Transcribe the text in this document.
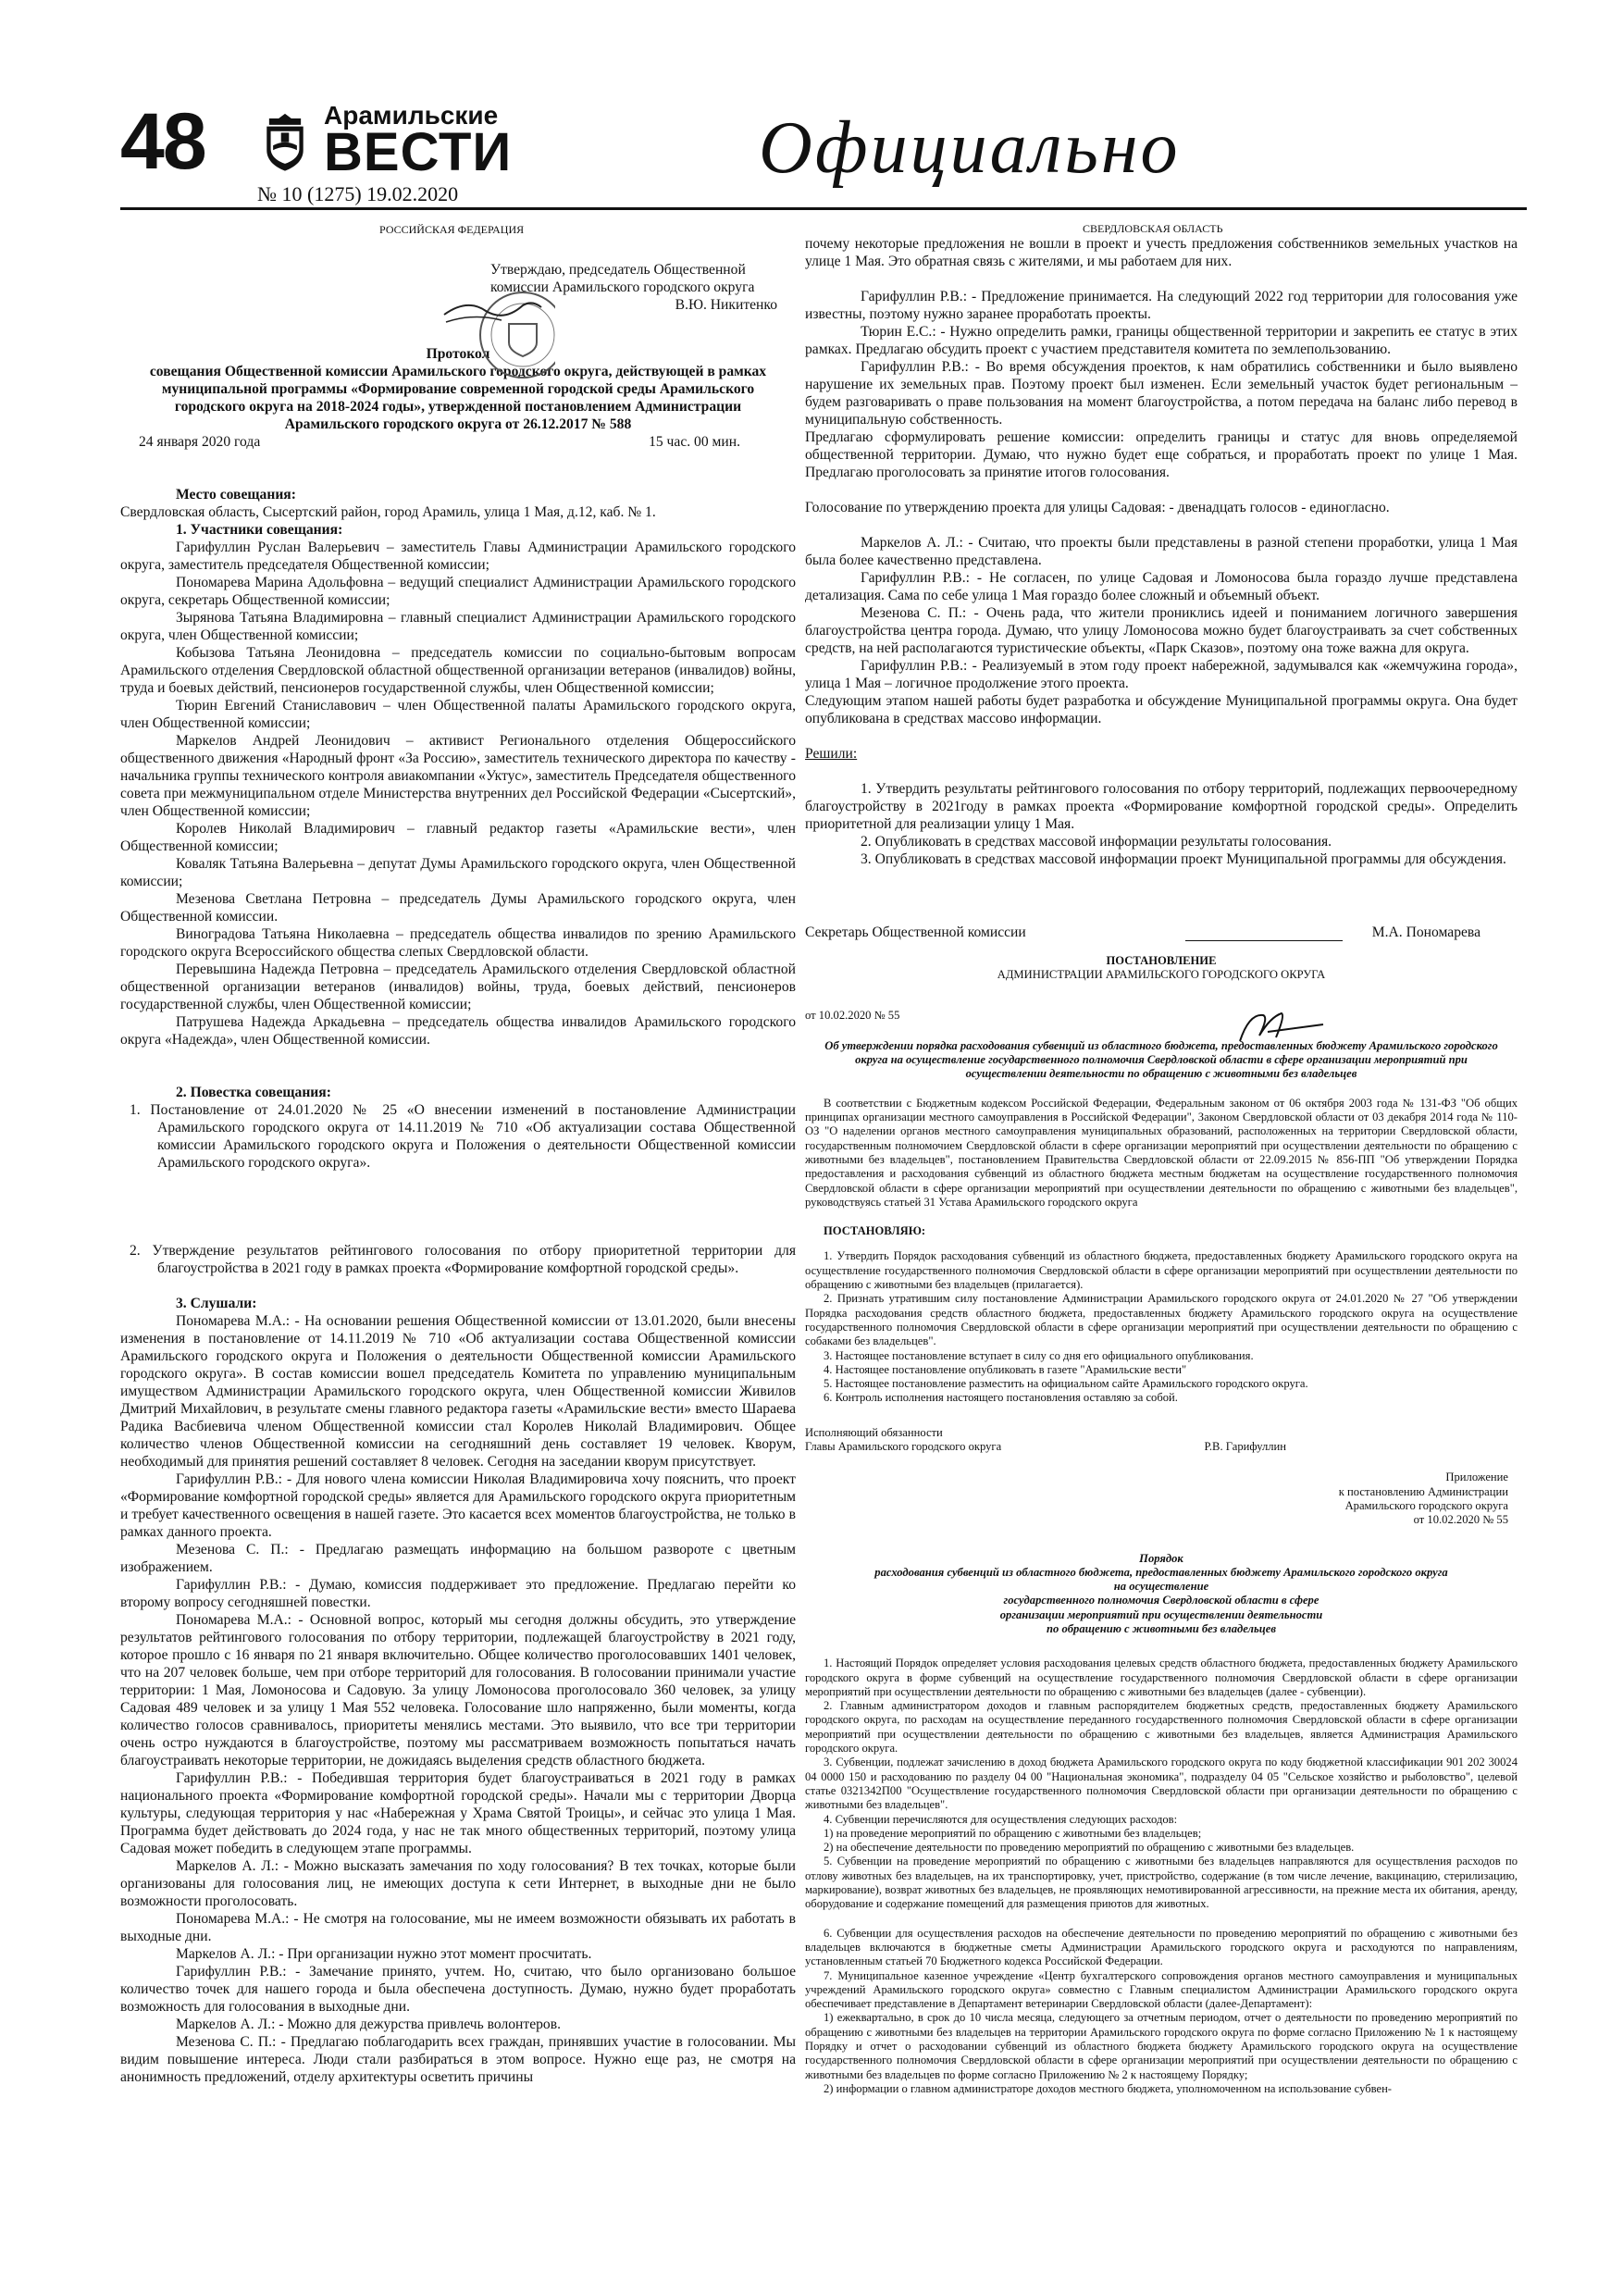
48	Арамильские
ВЕСТИ
№ 10 (1275) 19.02.2020
Официально

РОССИЙСКАЯ ФЕДЕРАЦИЯ

Утверждаю, председатель Общественной

комиссии Арамильского городского округа

В.Ю. Никитенко

Протокол

совещания Общественной комиссии Арамильского городского округа, действующей в рамках муниципальной программы «Формирование современной городской среды Арамильского городского округа на 2018-2024 годы», утвержденной постановлением Администрации Арамильского городского округа от 26.12.2017 № 588

24 января 2020 года	15 час. 00 мин.

Место совещания:

Свердловская область, Сысертский район, город Арамиль, улица 1 Мая, д.12, каб. № 1.

1. Участники совещания:

Гарифуллин Руслан Валерьевич – заместитель Главы Администрации Арамильского городского округа, заместитель председателя Общественной комиссии;

Пономарева Марина Адольфовна – ведущий специалист Администрации Арамильского городского округа, секретарь Общественной комиссии;

Зырянова Татьяна Владимировна – главный специалист Администрации Арамильского городского округа, член Общественной комиссии;

Кобызова Татьяна Леонидовна – председатель комиссии по социально-бытовым вопросам Арамильского отделения Свердловской областной общественной организации ветеранов (инвалидов) войны, труда и боевых действий, пенсионеров государственной службы, член Общественной комиссии;

Тюрин Евгений Станиславович – член Общественной палаты Арамильского городского округа, член Общественной комиссии;

Маркелов Андрей Леонидович – активист Регионального отделения Общероссийского общественного движения «Народный фронт «За Россию», заместитель технического директора по качеству - начальника группы технического контроля авиакомпании «Уктус», заместитель Председателя общественного совета при межмуниципальном отделе Министерства внутренних дел Российской Федерации «Сысертский», член Общественной комиссии;

Королев Николай Владимирович – главный редактор газеты «Арамильские вести», член Общественной комиссии;

Коваляк Татьяна Валерьевна – депутат Думы Арамильского городского округа, член Общественной комиссии;

Мезенова Светлана Петровна – председатель Думы Арамильского городского округа, член Общественной комиссии.

Виноградова Татьяна Николаевна – председатель общества инвалидов по зрению Арамильского городского округа Всероссийского общества слепых Свердловской области.

Перевышина Надежда Петровна – председатель Арамильского отделения Свердловской областной общественной организации ветеранов (инвалидов) войны, труда, боевых действий, пенсионеров государственной службы, член Общественной комиссии;

Патрушева Надежда Аркадьевна – председатель общества инвалидов Арамильского городского округа «Надежда», член Общественной комиссии.

2. Повестка совещания:

1. Постановление от 24.01.2020 № 25 «О внесении изменений в постановление Администрации Арамильского городского округа от 14.11.2019 № 710 «Об актуализации состава Общественной комиссии Арамильского городского округа и Положения о деятельности Общественной комиссии Арамильского городского округа».

2. Утверждение результатов рейтингового голосования по отбору приоритетной территории для благоустройства в 2021 году в рамках проекта «Формирование комфортной городской среды».

3. Слушали:

Пономарева М.А.: - На основании решения Общественной комиссии от 13.01.2020, были внесены изменения в постановление от 14.11.2019 № 710 «Об актуализации состава Общественной комиссии Арамильского городского округа и Положения о деятельности Общественной комиссии Арамильского городского округа». В состав комиссии вошел председатель Комитета по управлению муниципальным имуществом Администрации Арамильского городского округа, член Общественной комиссии Живилов Дмитрий Михайлович, в результате смены главного редактора газеты «Арамильские вести» вместо Шараева Радика Васбиевича членом Общественной комиссии стал Королев Николай Владимирович. Общее количество членов Общественной комиссии на сегодняшний день составляет 19 человек. Кворум, необходимый для принятия решений составляет 8 человек. Сегодня на заседании кворум присутствует.

Гарифуллин Р.В.: - Для нового члена комиссии Николая Владимировича хочу пояснить, что проект «Формирование комфортной городской среды» является для Арамильского городского округа приоритетным и требует качественного освещения в нашей газете. Это касается всех моментов благоустройства, не только в рамках данного проекта.

Мезенова С. П.: - Предлагаю размещать информацию на большом развороте с цветным изображением.

Гарифуллин Р.В.: - Думаю, комиссия поддерживает это предложение. Предлагаю перейти ко второму вопросу сегодняшней повестки.

Пономарева М.А.: - Основной вопрос, который мы сегодня должны обсудить, это утверждение результатов рейтингового голосования по отбору территории, подлежащей благоустройству в 2021 году, которое прошло с 16 января по 21 января включительно. Общее количество проголосовавших 1401 человек, что на 207 человек больше, чем при отборе территорий для голосования. В голосовании принимали участие территории: 1 Мая, Ломоносова и Садовую. За улицу Ломоносова проголосовало 360 человек, за улицу Садовая 489 человек и за улицу 1 Мая 552 человека. Голосование шло напряженно, были моменты, когда количество голосов сравнивалось, приоритеты менялись местами. Это выявило, что все три территории очень остро нуждаются в благоустройстве, поэтому мы рассматриваем возможность попытаться начать благоустраивать некоторые территории, не дожидаясь выделения средств областного бюджета.

Гарифуллин Р.В.: - Победившая территория будет благоустраиваться в 2021 году в рамках национального проекта «Формирование комфортной городской среды». Начали мы с территории Дворца культуры, следующая территория у нас «Набережная у Храма Святой Троицы», и сейчас это улица 1 Мая. Программа будет действовать до 2024 года, у нас не так много общественных территорий, поэтому улица Садовая может победить в следующем этапе программы.

Маркелов А. Л.: - Можно высказать замечания по ходу голосования? В тех точках, которые были организованы для голосования лиц, не имеющих доступа к сети Интернет, в выходные дни не было возможности проголосовать.

Пономарева М.А.: - Не смотря на голосование, мы не имеем возможности обязывать их работать в выходные дни.

Маркелов А. Л.: - При организации нужно этот момент просчитать.

Гарифуллин Р.В.: - Замечание принято, учтем. Но, считаю, что было организовано большое количество точек для нашего города и была обеспечена доступность. Думаю, нужно будет проработать возможность для голосования в выходные дни.

Маркелов А. Л.: - Можно для дежурства привлечь волонтеров.

Мезенова С. П.: - Предлагаю поблагодарить всех граждан, принявших участие в голосовании. Мы видим повышение интереса. Люди стали разбираться в этом вопросе. Нужно еще раз, не смотря на анонимность предложений, отделу архитектуры осветить причины

СВЕРДЛОВСКАЯ ОБЛАСТЬ

почему некоторые предложения не вошли в проект и учесть предложения собственников земельных участков на улице 1 Мая. Это обратная связь с жителями, и мы работаем для них.

Гарифуллин Р.В.: - Предложение принимается. На следующий 2022 год территории для голосования уже известны, поэтому нужно заранее проработать проекты.

Тюрин Е.С.: - Нужно определить рамки, границы общественной территории и закрепить ее статус в этих рамках. Предлагаю обсудить проект с участием представителя комитета по землепользованию.

Гарифуллин Р.В.: - Во время обсуждения проектов, к нам обратились собственники и было выявлено нарушение их земельных прав. Поэтому проект был изменен. Если земельный участок будет региональным – будем разговаривать о праве пользования на момент благоустройства, а потом передача на баланс либо перевод в муниципальную собственность.

Предлагаю сформулировать решение комиссии: определить границы и статус для вновь определяемой общественной территории. Думаю, что нужно будет еще собраться, и проработать проект по улице 1 Мая. Предлагаю проголосовать за принятие итогов голосования.

Голосование по утверждению проекта для улицы Садовая: - двенадцать голосов - единогласно.

Маркелов А. Л.: - Считаю, что проекты были представлены в разной степени проработки, улица 1 Мая была более качественно представлена.

Гарифуллин Р.В.: - Не согласен, по улице Садовая и Ломоносова была гораздо лучше представлена детализация. Сама по себе улица 1 Мая гораздо более сложный и объемный объект.

Мезенова С. П.: - Очень рада, что жители прониклись идеей и пониманием логичного завершения благоустройства центра города. Думаю, что улицу Ломоносова можно будет благоустраивать за счет собственных средств, на ней располагаются туристические объекты, «Парк Сказов», поэтому она тоже важна для округа.

Гарифуллин Р.В.: - Реализуемый в этом году проект набережной, задумывался как «жемчужина города», улица 1 Мая – логичное продолжение этого проекта.

Следующим этапом нашей работы будет разработка и обсуждение Муниципальной программы округа. Она будет опубликована в средствах массово информации.

Решили:

1. Утвердить результаты рейтингового голосования по отбору территорий, подлежащих первоочередному благоустройству в 2021году в рамках проекта «Формирование комфортной городской среды». Определить приоритетной для реализации улицу 1 Мая.

2. Опубликовать в средствах массовой информации результаты голосования.

3. Опубликовать в средствах массовой информации проект Муниципальной программы для обсуждения.

Секретарь Общественной комиссии	М.А. Пономарева

ПОСТАНОВЛЕНИЕ

АДМИНИСТРАЦИИ АРАМИЛЬСКОГО ГОРОДСКОГО ОКРУГА

от 10.02.2020 № 55

Об утверждении порядка расходования субвенций из областного бюджета, предоставленных бюджету Арамильского городского округа на осуществление государственного полномочия Свердловской области в сфере организации мероприятий при осуществлении деятельности по обращению с животными без владельцев

В соответствии с Бюджетным кодексом Российской Федерации, Федеральным законом от 06 октября 2003 года № 131-ФЗ "Об общих принципах организации местного самоуправления в Российской Федерации", Законом Свердловской области от 03 декабря 2014 года № 110-ОЗ "О наделении органов местного самоуправления муниципальных образований, расположенных на территории Свердловской области, государственным полномочием Свердловской области в сфере организации мероприятий при осуществлении деятельности по обращению с животными без владельцев", постановлением Правительства Свердловской области от 22.09.2015 № 856-ПП "Об утверждении Порядка предоставления и расходования субвенций из областного бюджета местным бюджетам на осуществление государственного полномочия Свердловской области в сфере организации мероприятий при осуществлении деятельности по обращению с животными без владельцев", руководствуясь статьей 31 Устава Арамильского городского округа

ПОСТАНОВЛЯЮ:

1. Утвердить Порядок расходования субвенций из областного бюджета, предоставленных бюджету Арамильского городского округа на осуществление государственного полномочия Свердловской области в сфере организации мероприятий при осуществлении деятельности по обращению с животными без владельцев (прилагается).

2. Признать утратившим силу постановление Администрации Арамильского городского округа от 24.01.2020 № 27 "Об утверждении Порядка расходования средств областного бюджета, предоставленных бюджету Арамильского городского округа на осуществление государственного полномочия Свердловской области в сфере организации мероприятий при осуществлении деятельности по обращению с собаками без владельцев".

3. Настоящее постановление вступает в силу со дня его официального опубликования.

4. Настоящее постановление опубликовать в газете "Арамильские вести"

5. Настоящее постановление разместить на официальном сайте Арамильского городского округа.

6. Контроль исполнения настоящего постановления оставляю за собой.

Исполняющий обязанности

Главы Арамильского городского округа	Р.В. Гарифуллин

Приложение

к постановлению Администрации

Арамильского городского округа

от 10.02.2020 № 55

Порядок

расходования субвенций из областного бюджета, предоставленных бюджету Арамильского городского округа

на осуществление

государственного полномочия Свердловской области в сфере

организации мероприятий при осуществлении деятельности

по обращению с животными без владельцев

1. Настоящий Порядок определяет условия расходования целевых средств областного бюджета, предоставленных бюджету Арамильского городского округа в форме субвенций на осуществление государственного полномочия Свердловской области в сфере организации мероприятий при осуществлении деятельности по обращению с животными без владельцев (далее - субвенции).

2. Главным администратором доходов и главным распорядителем бюджетных средств, предоставленных бюджету Арамильского городского округа, по расходам на осуществление переданного государственного полномочия Свердловской области в сфере организации мероприятий при осуществлении деятельности по обращению с животными без владельцев, является Администрация Арамильского городского округа.

3. Субвенции, подлежат зачислению в доход бюджета Арамильского городского округа по коду бюджетной классификации 901 202 30024 04 0000 150 и расходованию по разделу 04 00 "Национальная экономика", подразделу 04 05 "Сельское хозяйство и рыболовство", целевой статье 0321342П00 "Осуществление государственного полномочия Свердловской области при организации деятельности по обращению с животными без владельцев".

4. Субвенции перечисляются для осуществления следующих расходов:

1) на проведение мероприятий по обращению с животными без владельцев;

2) на обеспечение деятельности по проведению мероприятий по обращению с животными без владельцев.

5. Субвенции на проведение мероприятий по обращению с животными без владельцев направляются для осуществления расходов по отлову животных без владельцев, на их транспортировку, учет, пристройство, содержание (в том числе лечение, вакцинацию, стерилизацию, маркирование), возврат животных без владельцев, не проявляющих немотивированной агрессивности, на прежние места их обитания, аренду, оборудование и содержание помещений для размещения приютов для животных.

6. Субвенции для осуществления расходов на обеспечение деятельности по проведению мероприятий по обращению с животными без владельцев включаются в бюджетные сметы Администрации Арамильского городского округа и расходуются по направлениям, установленным статьей 70 Бюджетного кодекса Российской Федерации.

7. Муниципальное казенное учреждение «Центр бухгалтерского сопровождения органов местного самоуправления и муниципальных учреждений Арамильского городского округа» совместно с Главным специалистом Администрации Арамильского городского округа обеспечивает представление в Департамент ветеринарии Свердловской области (далее-Департамент):

1) ежеквартально, в срок до 10 числа месяца, следующего за отчетным периодом, отчет о деятельности по проведению мероприятий по обращению с животными без владельцев на территории Арамильского городского округа по форме согласно Приложению № 1 к настоящему Порядку и отчет о расходовании субвенций из областного бюджета бюджету Арамильского городского округа на осуществление государственного полномочия Свердловской области в сфере организации мероприятий при осуществлении деятельности по обращению с животными без владельцев по форме согласно Приложению № 2 к настоящему Порядку;

2) информации о главном администраторе доходов местного бюджета, уполномоченном на использование субвен-
